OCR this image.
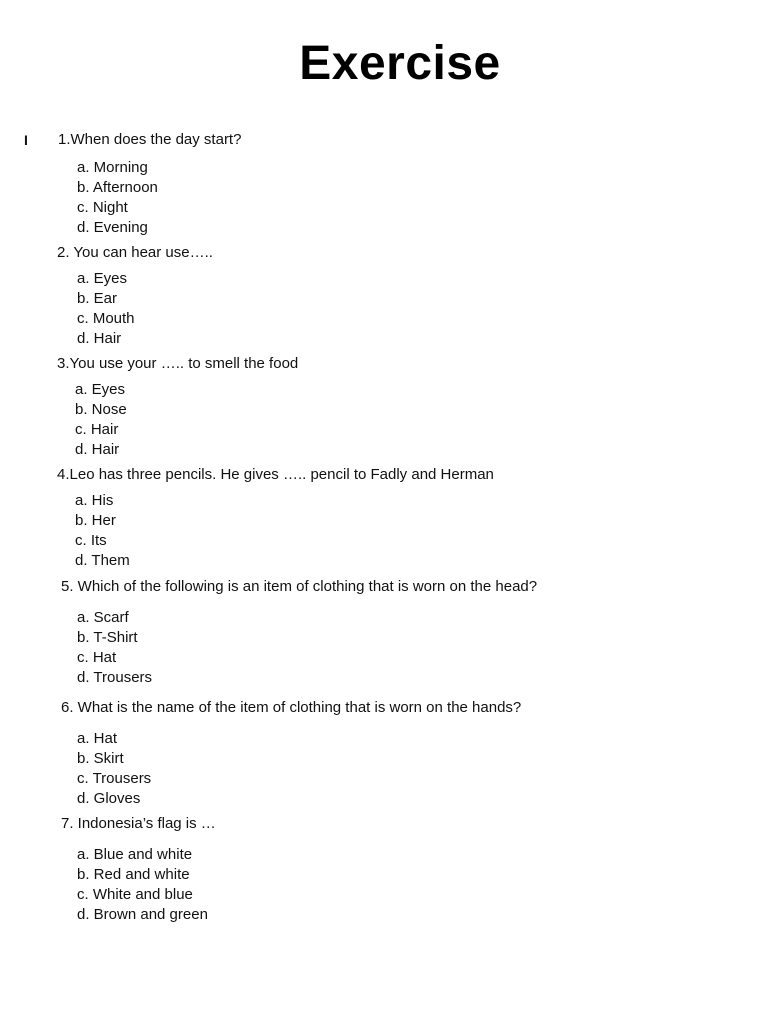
Exercise
I 1.When does the day start?

a. Morning
b. Afternoon
c. Night
d. Evening

2. You can hear use…..

a. Eyes
b. Ear
c. Mouth
d. Hair

3.You use your ….. to smell the food

a. Eyes
b. Nose
c. Hair
d. Hair

4.Leo has three pencils. He gives ….. pencil to Fadly and Herman

a. His
b. Her
c. Its
d. Them

5. Which of the following is an item of clothing that is worn on the head?

a. Scarf
b. T-Shirt
c. Hat
d. Trousers

6. What is the name of the item of clothing that is worn on the hands?

a. Hat
b. Skirt
c. Trousers
d. Gloves

7. Indonesia’s flag is …

a. Blue and white
b. Red and white
c. White and blue
d. Brown and green
